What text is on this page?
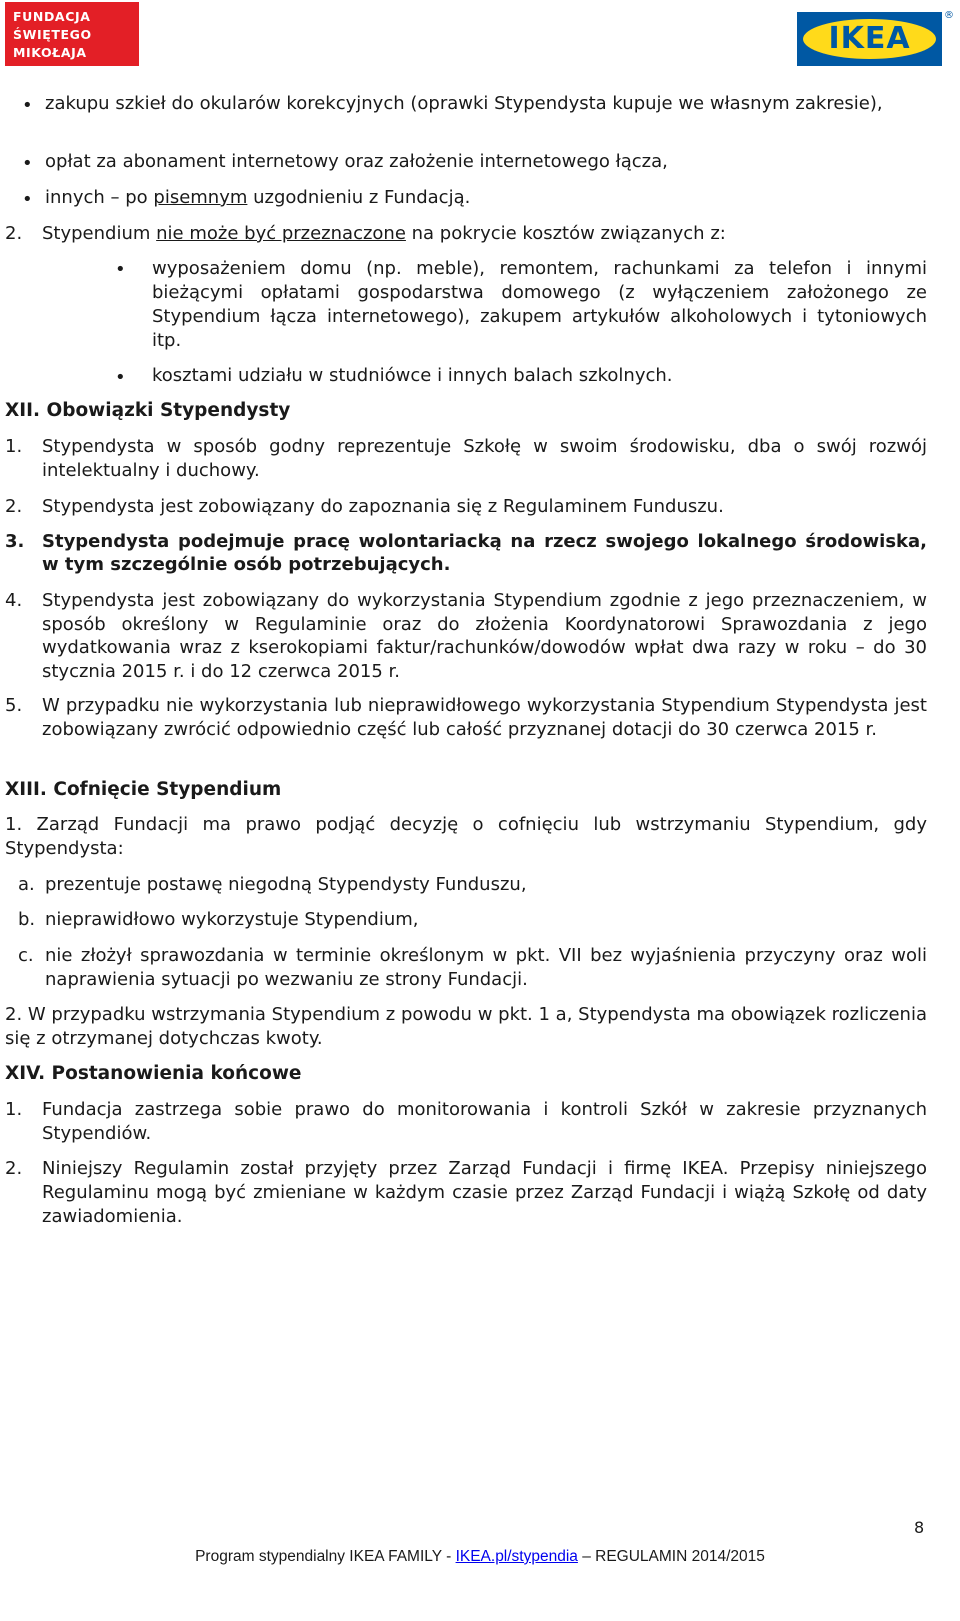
FUNDACJA
ŚWIĘTEGO
MIKOŁAJA	IKEA
®
• zakupu szkieł do okularów korekcyjnych (oprawki Stypendysta kupuje we własnym zakresie),

• opłat za abonament internetowy oraz założenie internetowego łącza,

• innych – po pisemnym uzgodnieniu z Fundacją.

2. Stypendium nie może być przeznaczone na pokrycie kosztów związanych z:

• wyposażeniem domu (np. meble), remontem, rachunkami za telefon i innymi bieżącymi opłatami gospodarstwa domowego (z wyłączeniem założonego ze Stypendium łącza internetowego), zakupem artykułów alkoholowych i tytoniowych itp.

• kosztami udziału w studniówce i innych balach szkolnych.

XII. Obowiązki Stypendysty
1. Stypendysta w sposób godny reprezentuje Szkołę w swoim środowisku, dba o swój rozwój intelektualny i duchowy.

2. Stypendysta jest zobowiązany do zapoznania się z Regulaminem Funduszu.

3. Stypendysta podejmuje pracę wolontariacką na rzecz swojego lokalnego środowiska, w tym szczególnie osób potrzebujących.

4. Stypendysta jest zobowiązany do wykorzystania Stypendium zgodnie z jego przeznaczeniem, w sposób określony w Regulaminie oraz do złożenia Koordynatorowi Sprawozdania z jego wydatkowania wraz z kserokopiami faktur/rachunków/dowodów wpłat dwa razy w roku – do 30 stycznia 2015 r. i do 12 czerwca 2015 r.

5. W przypadku nie wykorzystania lub nieprawidłowego wykorzystania Stypendium Stypendysta jest zobowiązany zwrócić odpowiednio część lub całość przyznanej dotacji do 30 czerwca 2015 r.

XIII. Cofnięcie Stypendium

1. Zarząd Fundacji ma prawo podjąć decyzję o cofnięciu lub wstrzymaniu Stypendium, gdy Stypendysta:

a. prezentuje postawę niegodną Stypendysty Funduszu,

b. nieprawidłowo wykorzystuje Stypendium,

c. nie złożył sprawozdania w terminie określonym w pkt. VII bez wyjaśnienia przyczyny oraz woli naprawienia sytuacji po wezwaniu ze strony Fundacji.

2. W przypadku wstrzymania Stypendium z powodu w pkt. 1 a, Stypendysta ma obowiązek rozliczenia się z otrzymanej dotychczas kwoty.

XIV. Postanowienia końcowe
1. Fundacja zastrzega sobie prawo do monitorowania i kontroli Szkół w zakresie przyznanych Stypendiów.

2. Niniejszy Regulamin został przyjęty przez Zarząd Fundacji i firmę IKEA. Przepisy niniejszego Regulaminu mogą być zmieniane w każdym czasie przez Zarząd Fundacji i wiążą Szkołę od daty zawiadomienia.

8
Program stypendialny IKEA FAMILY - IKEA.pl/stypendia – REGULAMIN 2014/2015
